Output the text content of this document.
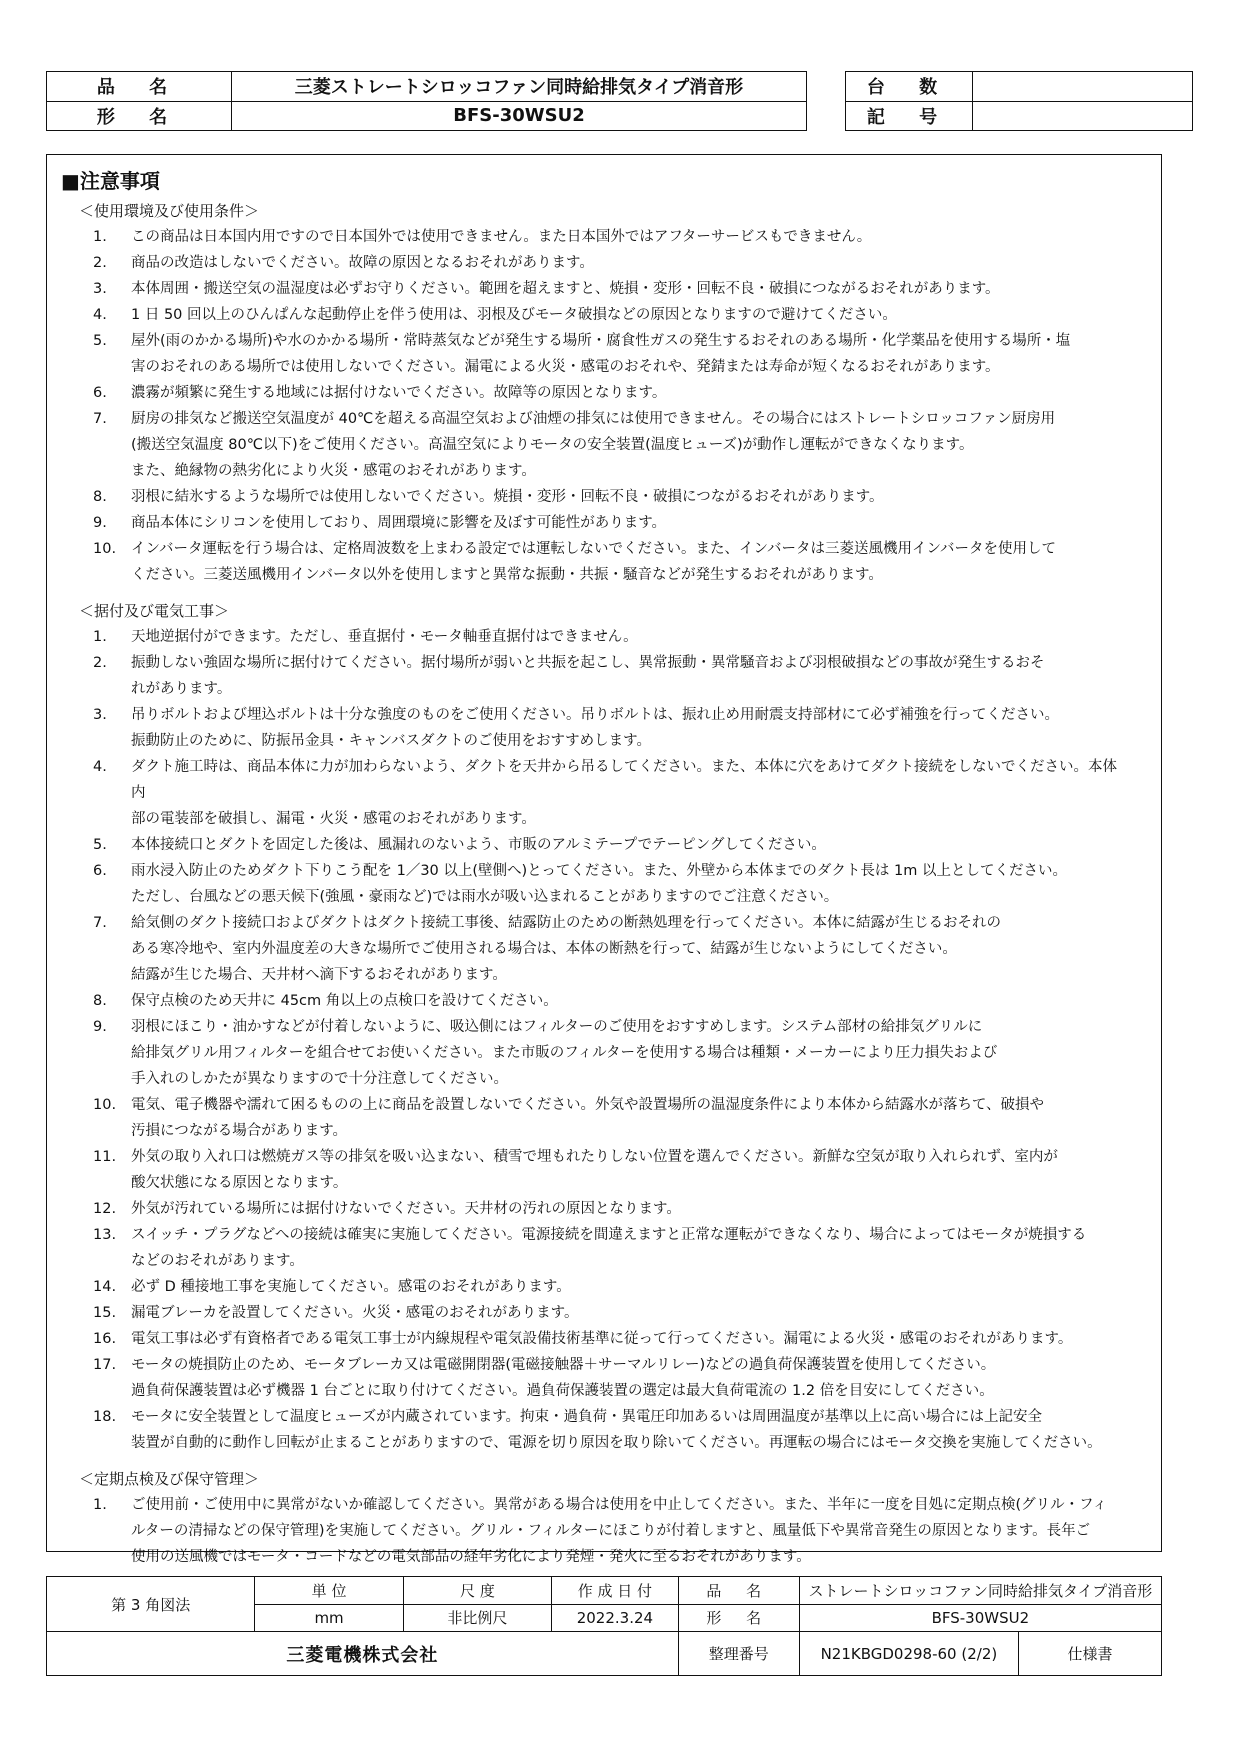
品 名	三菱ストレートシロッコファン同時給排気タイプ消音形
形 名	BFS-30WSU2
台 数	
記 号	
■注意事項
＜使用環境及び使用条件＞
1.	この商品は日本国内用ですので日本国外では使用できません。また日本国外ではアフターサービスもできません。
2.	商品の改造はしないでください。故障の原因となるおそれがあります。
3.	本体周囲・搬送空気の温湿度は必ずお守りください。範囲を超えますと、焼損・変形・回転不良・破損につながるおそれがあります。
4.	1 日 50 回以上のひんぱんな起動停止を伴う使用は、羽根及びモータ破損などの原因となりますので避けてください。
5.	屋外(雨のかかる場所)や水のかかる場所・常時蒸気などが発生する場所・腐食性ガスの発生するおそれのある場所・化学薬品を使用する場所・塩
害のおそれのある場所では使用しないでください。漏電による火災・感電のおそれや、発錆または寿命が短くなるおそれがあります。
6.	濃霧が頻繁に発生する地域には据付けないでください。故障等の原因となります。
7.	厨房の排気など搬送空気温度が 40℃を超える高温空気および油煙の排気には使用できません。その場合にはストレートシロッコファン厨房用
(搬送空気温度 80℃以下)をご使用ください。高温空気によりモータの安全装置(温度ヒューズ)が動作し運転ができなくなります。
また、絶縁物の熱劣化により火災・感電のおそれがあります。
8.	羽根に結氷するような場所では使用しないでください。焼損・変形・回転不良・破損につながるおそれがあります。
9.	商品本体にシリコンを使用しており、周囲環境に影響を及ぼす可能性があります。
10.	インバータ運転を行う場合は、定格周波数を上まわる設定では運転しないでください。また、インバータは三菱送風機用インバータを使用して
ください。三菱送風機用インバータ以外を使用しますと異常な振動・共振・騒音などが発生するおそれがあります。
＜据付及び電気工事＞
1.	天地逆据付ができます。ただし、垂直据付・モータ軸垂直据付はできません。
2.	振動しない強固な場所に据付けてください。据付場所が弱いと共振を起こし、異常振動・異常騒音および羽根破損などの事故が発生するおそ
れがあります。
3.	吊りボルトおよび埋込ボルトは十分な強度のものをご使用ください。吊りボルトは、振れ止め用耐震支持部材にて必ず補強を行ってください。
振動防止のために、防振吊金具・キャンバスダクトのご使用をおすすめします。
4.	ダクト施工時は、商品本体に力が加わらないよう、ダクトを天井から吊るしてください。また、本体に穴をあけてダクト接続をしないでください。本体内
部の電装部を破損し、漏電・火災・感電のおそれがあります。
5.	本体接続口とダクトを固定した後は、風漏れのないよう、市販のアルミテープでテーピングしてください。
6.	雨水浸入防止のためダクト下りこう配を 1／30 以上(壁側へ)とってください。また、外壁から本体までのダクト長は 1m 以上としてください。
ただし、台風などの悪天候下(強風・豪雨など)では雨水が吸い込まれることがありますのでご注意ください。
7.	給気側のダクト接続口およびダクトはダクト接続工事後、結露防止のための断熱処理を行ってください。本体に結露が生じるおそれの
ある寒冷地や、室内外温度差の大きな場所でご使用される場合は、本体の断熱を行って、結露が生じないようにしてください。
結露が生じた場合、天井材へ滴下するおそれがあります。
8.	保守点検のため天井に 45cm 角以上の点検口を設けてください。
9.	羽根にほこり・油かすなどが付着しないように、吸込側にはフィルターのご使用をおすすめします。システム部材の給排気グリルに
給排気グリル用フィルターを組合せてお使いください。また市販のフィルターを使用する場合は種類・メーカーにより圧力損失および
手入れのしかたが異なりますので十分注意してください。
10.	電気、電子機器や濡れて困るものの上に商品を設置しないでください。外気や設置場所の温湿度条件により本体から結露水が落ちて、破損や
汚損につながる場合があります。
11.	外気の取り入れ口は燃焼ガス等の排気を吸い込まない、積雪で埋もれたりしない位置を選んでください。新鮮な空気が取り入れられず、室内が
酸欠状態になる原因となります。
12.	外気が汚れている場所には据付けないでください。天井材の汚れの原因となります。
13.	スイッチ・プラグなどへの接続は確実に実施してください。電源接続を間違えますと正常な運転ができなくなり、場合によってはモータが焼損する
などのおそれがあります。
14.	必ず D 種接地工事を実施してください。感電のおそれがあります。
15.	漏電ブレーカを設置してください。火災・感電のおそれがあります。
16.	電気工事は必ず有資格者である電気工事士が内線規程や電気設備技術基準に従って行ってください。漏電による火災・感電のおそれがあります。
17.	モータの焼損防止のため、モータブレーカ又は電磁開閉器(電磁接触器＋サーマルリレー)などの過負荷保護装置を使用してください。
過負荷保護装置は必ず機器 1 台ごとに取り付けてください。過負荷保護装置の選定は最大負荷電流の 1.2 倍を目安にしてください。
18.	モータに安全装置として温度ヒューズが内蔵されています。拘束・過負荷・異電圧印加あるいは周囲温度が基準以上に高い場合には上記安全
装置が自動的に動作し回転が止まることがありますので、電源を切り原因を取り除いてください。再運転の場合にはモータ交換を実施してください。
＜定期点検及び保守管理＞
1.	ご使用前・ご使用中に異常がないか確認してください。異常がある場合は使用を中止してください。また、半年に一度を目処に定期点検(グリル・フィ
ルターの清掃などの保守管理)を実施してください。グリル・フィルターにほこりが付着しますと、風量低下や異常音発生の原因となります。長年ご
使用の送風機ではモータ・コードなどの電気部品の経年劣化により発煙・発火に至るおそれがあります。
第 3 角図法	単 位	尺 度	作 成 日 付	品 名	ストレートシロッコファン同時給排気タイプ消音形	
	mm	非比例尺	2022.3.24	形 名	BFS-30WSU2	
三菱電機株式会社				整理番号	N21KBGD0298-60 (2/2)	仕様書
